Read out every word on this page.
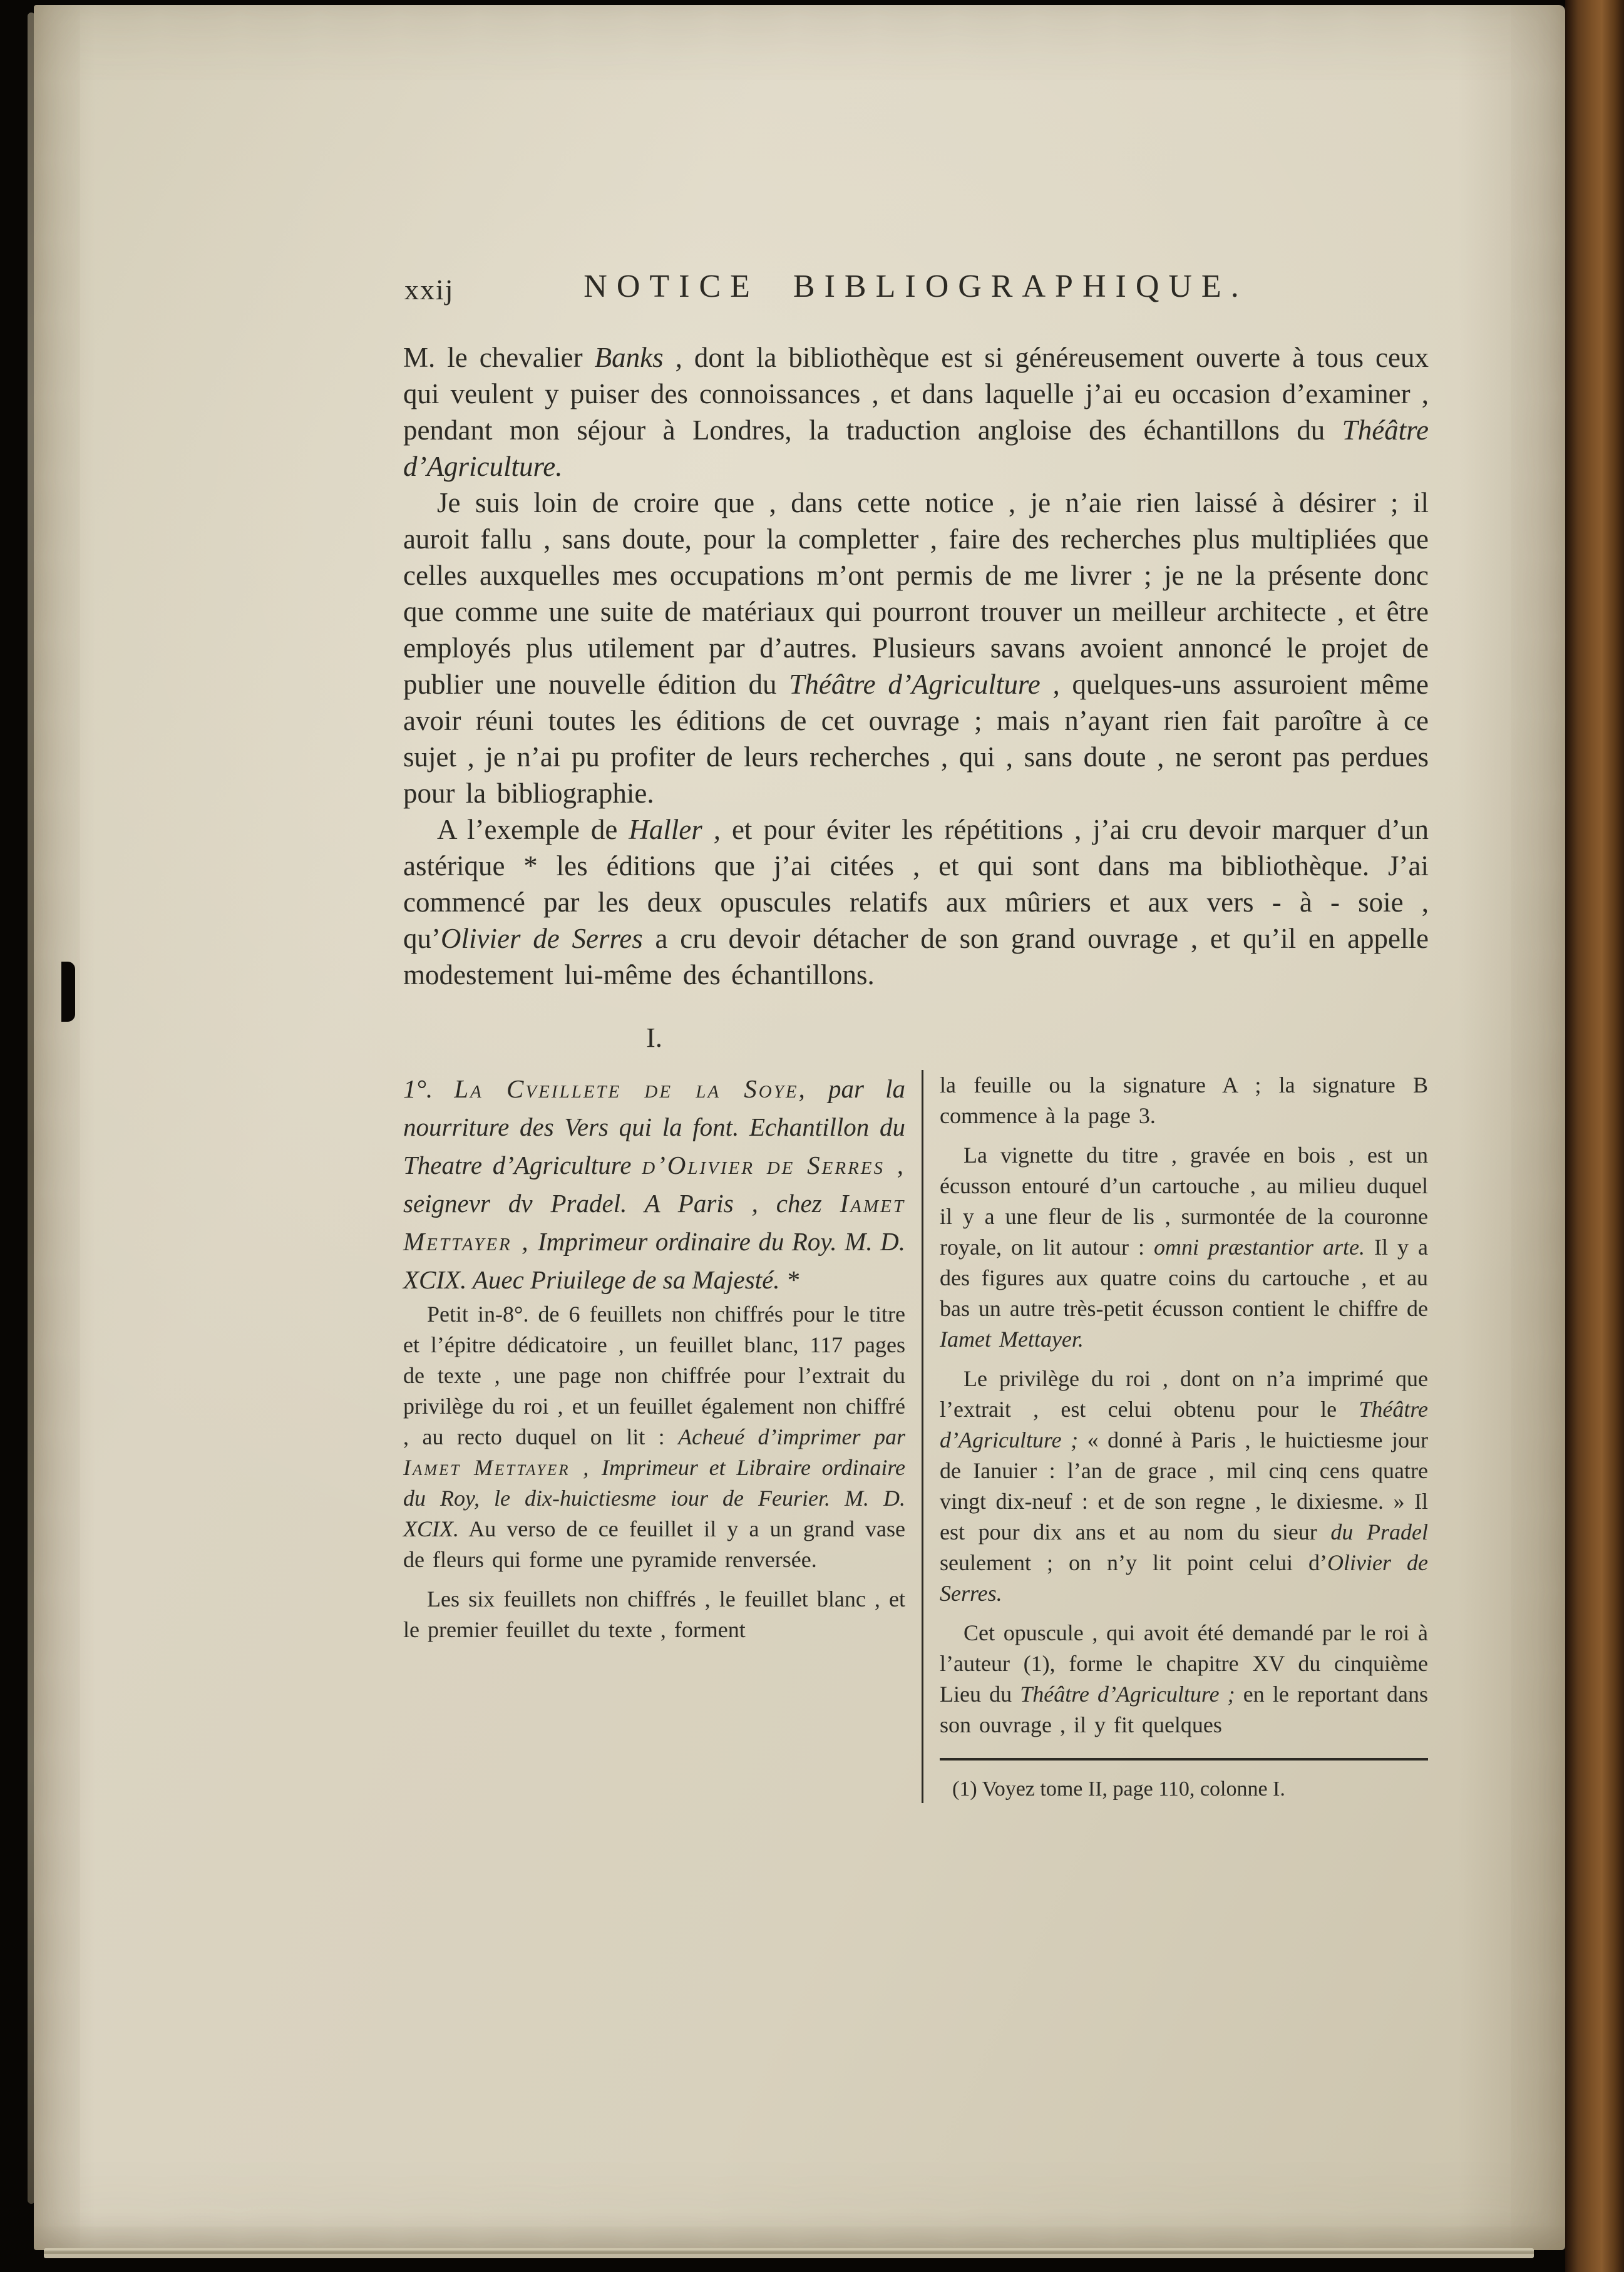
xxij	NOTICE BIBLIOGRAPHIQUE.

M. le chevalier Banks , dont la bibliothèque est si généreusement ouverte à tous ceux qui veulent y puiser des connoissances , et dans laquelle j’ai eu occasion d’examiner , pendant mon séjour à Londres, la traduction angloise des échantillons du Théâtre d’Agriculture.

Je suis loin de croire que , dans cette notice , je n’aie rien laissé à désirer ; il auroit fallu , sans doute, pour la completter , faire des recherches plus multipliées que celles auxquelles mes occupations m’ont permis de me livrer ; je ne la présente donc que comme une suite de matériaux qui pourront trouver un meilleur architecte , et être employés plus utilement par d’autres. Plusieurs savans avoient annoncé le projet de publier une nouvelle édition du Théâtre d’Agriculture , quelques-uns assuroient même avoir réuni toutes les éditions de cet ouvrage ; mais n’ayant rien fait paroître à ce sujet , je n’ai pu profiter de leurs recherches , qui , sans doute , ne seront pas perdues pour la bibliographie.

A l’exemple de Haller , et pour éviter les répétitions , j’ai cru devoir marquer d’un astérique * les éditions que j’ai citées , et qui sont dans ma bibliothèque. J’ai commencé par les deux opuscules relatifs aux mûriers et aux vers - à - soie , qu’Olivier de Serres a cru devoir détacher de son grand ouvrage , et qu’il en appelle modestement lui-même des échantillons.

I.

1°. La Cveillete de la Soye, par la nourriture des Vers qui la font. Echantillon du Theatre d’Agriculture d’Olivier de Serres , seignevr dv Pradel. A Paris , chez Iamet Mettayer , Imprimeur ordinaire du Roy. M. D. XCIX. Auec Priuilege de sa Majesté. *

Petit in-8°. de 6 feuillets non chiffrés pour le titre et l’épitre dédicatoire , un feuillet blanc, 117 pages de texte , une page non chiffrée pour l’extrait du privilège du roi , et un feuillet également non chiffré , au recto duquel on lit : Acheué d’imprimer par Iamet Mettayer , Imprimeur et Libraire ordinaire du Roy, le dix-huictiesme iour de Feurier. M. D. XCIX. Au verso de ce feuillet il y a un grand vase de fleurs qui forme une pyramide renversée.

Les six feuillets non chiffrés , le feuillet blanc , et le premier feuillet du texte , forment

la feuille ou la signature A ; la signature B commence à la page 3.

La vignette du titre , gravée en bois , est un écusson entouré d’un cartouche , au milieu duquel il y a une fleur de lis , surmontée de la couronne royale, on lit autour : omni præstantior arte. Il y a des figures aux quatre coins du cartouche , et au bas un autre très-petit écusson contient le chiffre de Iamet Mettayer.

Le privilège du roi , dont on n’a imprimé que l’extrait , est celui obtenu pour le Théâtre d’Agriculture ; « donné à Paris , le huictiesme jour de Ianuier : l’an de grace , mil cinq cens quatre vingt dix-neuf : et de son regne , le dixiesme. » Il est pour dix ans et au nom du sieur du Pradel seulement ; on n’y lit point celui d’Olivier de Serres.

Cet opuscule , qui avoit été demandé par le roi à l’auteur (1), forme le chapitre XV du cinquième Lieu du Théâtre d’Agriculture ; en le reportant dans son ouvrage , il y fit quelques

(1) Voyez tome II, page 110, colonne I.
